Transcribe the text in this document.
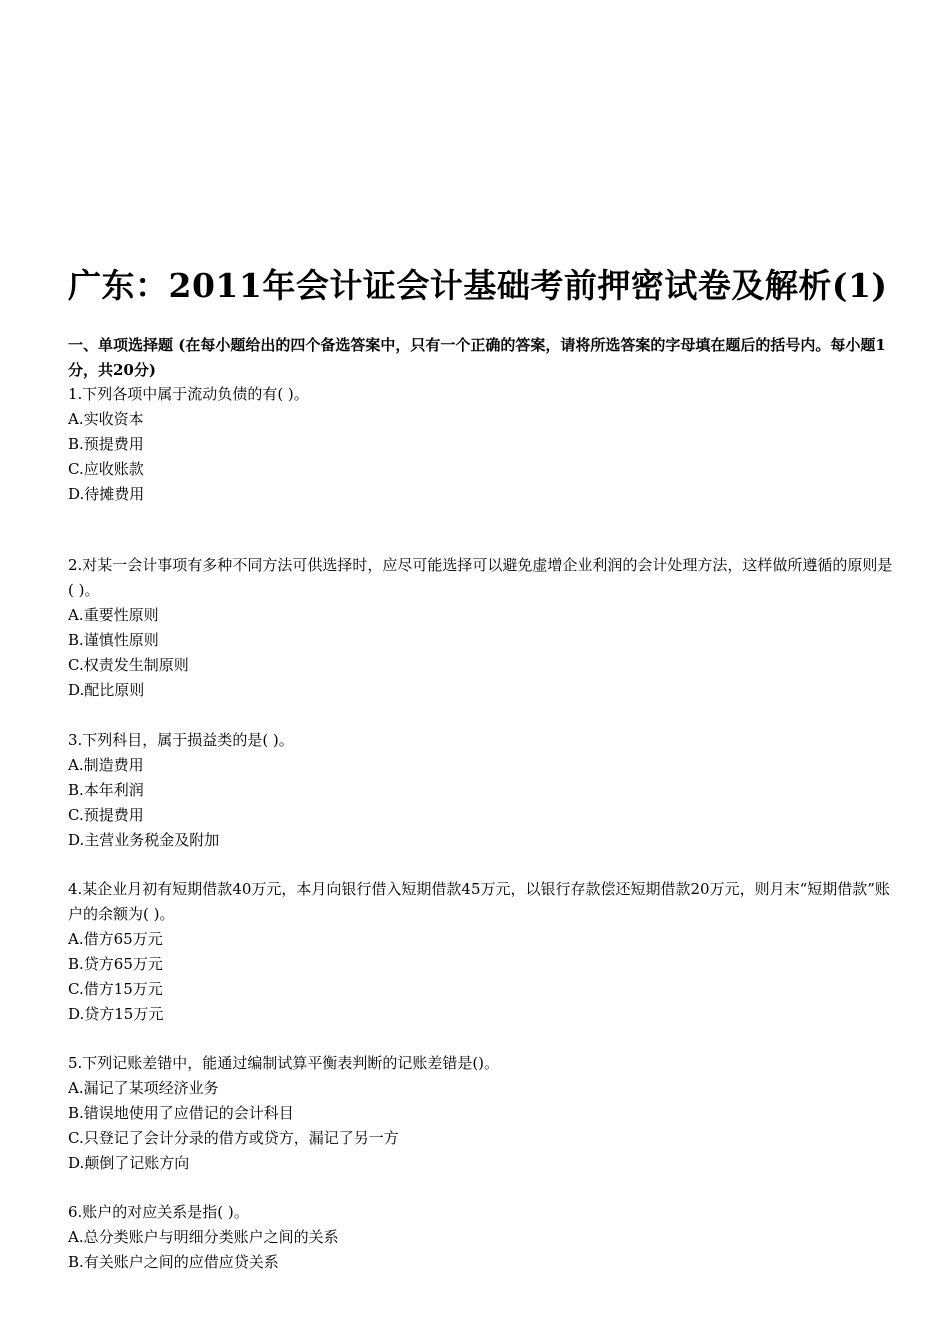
广东：2011年会计证会计基础考前押密试卷及解析(1)
一、单项选择题 (在每小题给出的四个备选答案中，只有一个正确的答案，请将所选答案的字母填在题后的括号内。每小题1分，共20分)
1.下列各项中属于流动负债的有( )。
A.实收资本
B.预提费用
C.应收账款
D.待摊费用
2.对某一会计事项有多种不同方法可供选择时，应尽可能选择可以避免虚增企业利润的会计处理方法，这样做所遵循的原则是( )。
A.重要性原则
B.谨慎性原则
C.权责发生制原则
D.配比原则
3.下列科目，属于损益类的是( )。
A.制造费用
B.本年利润
C.预提费用
D.主营业务税金及附加
4.某企业月初有短期借款40万元，本月向银行借入短期借款45万元，以银行存款偿还短期借款20万元，则月末“短期借款”账户的余额为( )。
A.借方65万元
B.贷方65万元
C.借方15万元
D.贷方15万元
5.下列记账差错中，能通过编制试算平衡表判断的记账差错是()。
A.漏记了某项经济业务
B.错误地使用了应借记的会计科目
C.只登记了会计分录的借方或贷方，漏记了另一方
D.颠倒了记账方向
6.账户的对应关系是指( )。
A.总分类账户与明细分类账户之间的关系
B.有关账户之间的应借应贷关系
